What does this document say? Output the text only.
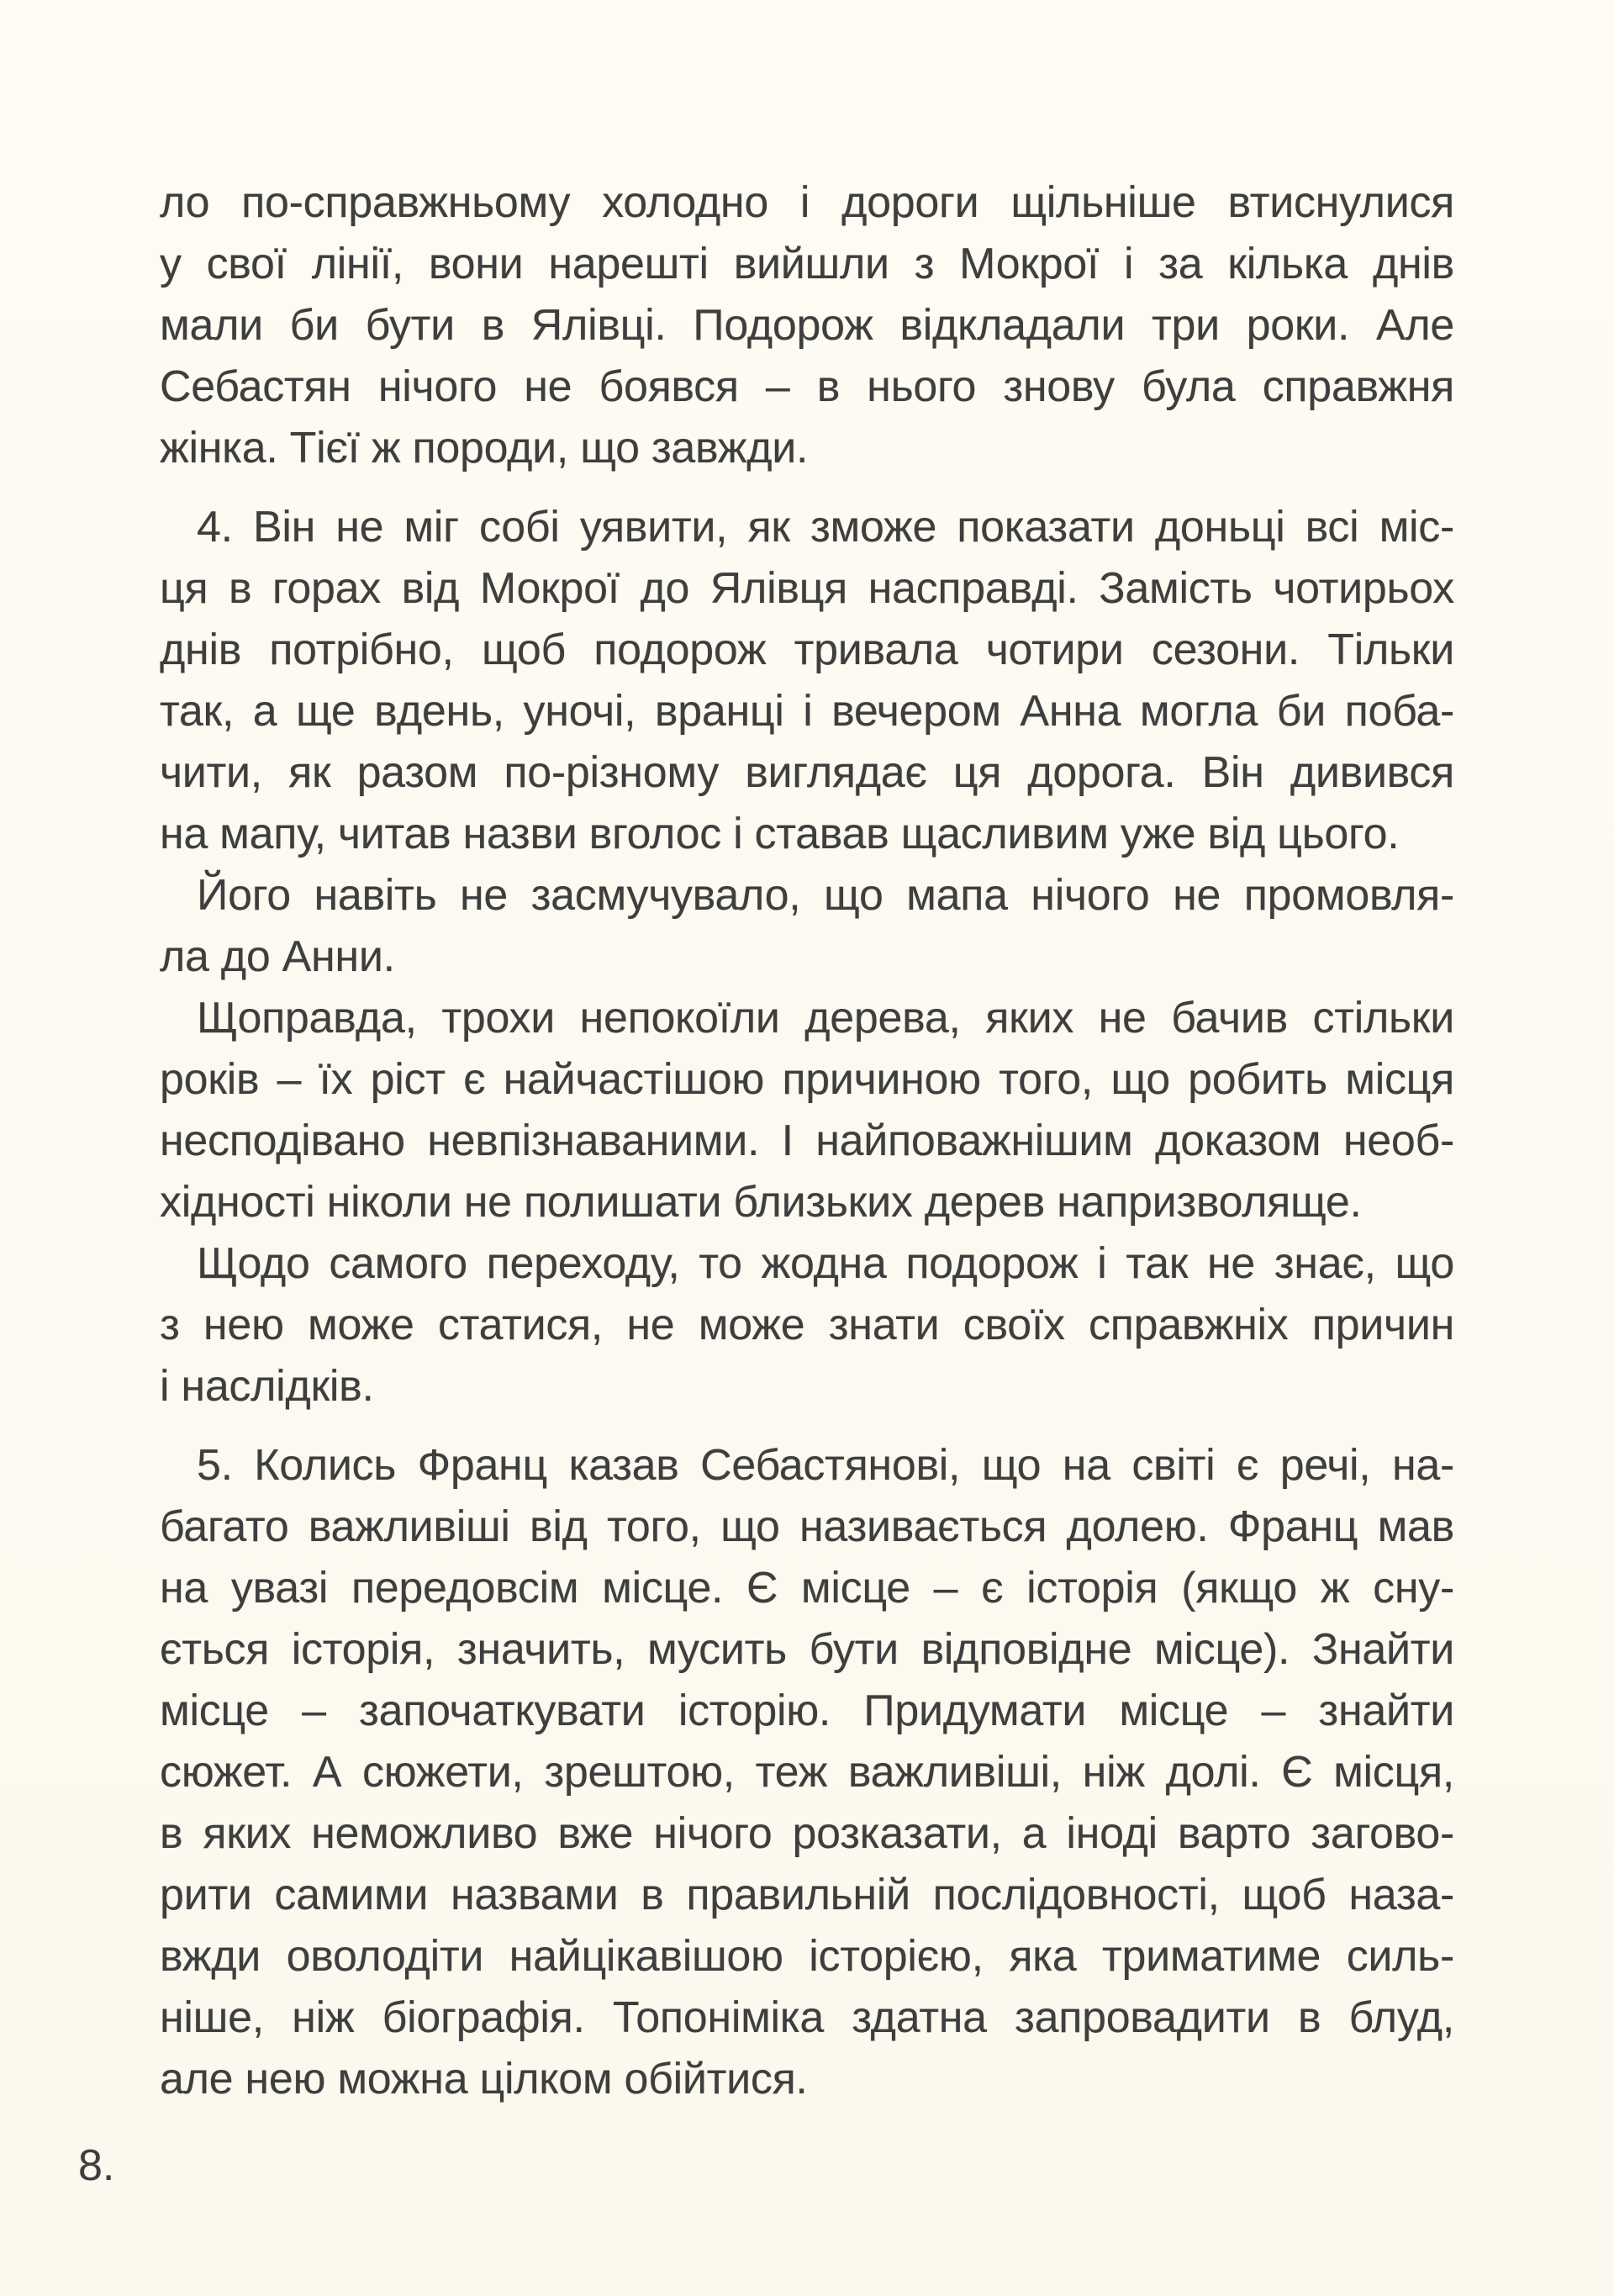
ло по-справжньому холодно і дороги щільніше втиснулися
у свої лінії, вони нарешті вийшли з Мокрої і за кілька днів
мали би бути в Ялівці. Подорож відкладали три роки. Але
Себастян нічого не боявся – в нього знову була справжня
жінка. Тієї ж породи, що завжди.
4. Він не міг собі уявити, як зможе показати доньці всі міс-
ця в горах від Мокрої до Ялівця насправді. Замість чотирьох
днів потрібно, щоб подорож тривала чотири сезони. Тільки
так, а ще вдень, уночі, вранці і вечером Анна могла би поба-
чити, як разом по-різному виглядає ця дорога. Він дивився
на мапу, читав назви вголос і ставав щасливим уже від цього.
Його навіть не засмучувало, що мапа нічого не промовля-
ла до Анни.
Щоправда, трохи непокоїли дерева, яких не бачив стільки
років – їх ріст є найчастішою причиною того, що робить місця
несподівано невпізнаваними. І найповажнішим доказом необ-
хідності ніколи не полишати близьких дерев напризволяще.
Щодо самого переходу, то жодна подорож і так не знає, що
з нею може статися, не може знати своїх справжніх причин
і наслідків.
5. Колись Франц казав Себастянові, що на світі є речі, на-
багато важливіші від того, що називається долею. Франц мав
на увазі передовсім місце. Є місце – є історія (якщо ж сну-
ється історія, значить, мусить бути відповідне місце). Знайти
місце – започаткувати історію. Придумати місце – знайти
сюжет. А сюжети, зрештою, теж важливіші, ніж долі. Є місця,
в яких неможливо вже нічого розказати, а іноді варто загово-
рити самими назвами в правильній послідовності, щоб наза-
вжди оволодіти найцікавішою історією, яка триматиме силь-
ніше, ніж біографія. Топоніміка здатна запровадити в блуд,
але нею можна цілком обійтися.
8.
